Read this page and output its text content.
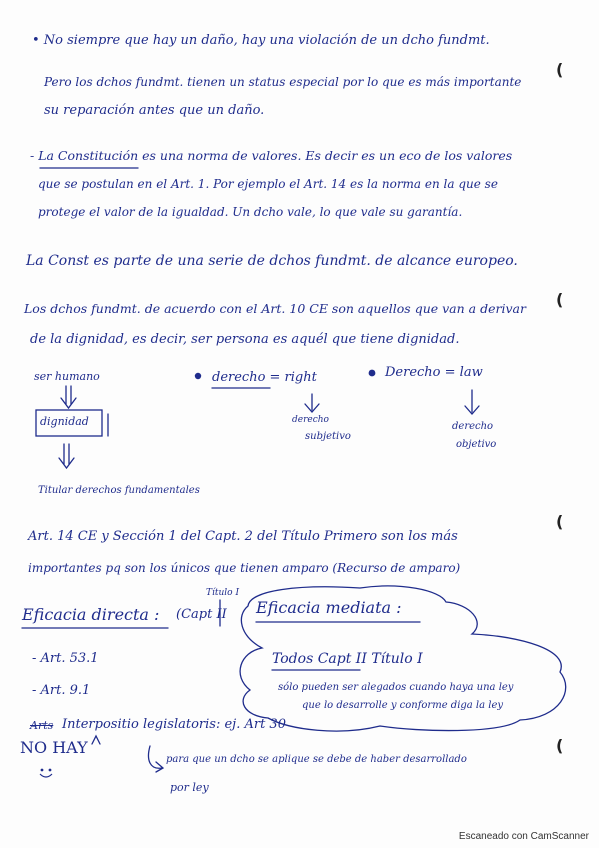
(
(
(
(
• No siempre que hay un daño, hay una violación de un dcho fundmt.
Pero los dchos fundmt. tienen un status especial por lo que es más importante
su reparación antes que un daño.
- La Constitución es una norma de valores. Es decir es un eco de los valores
que se postulan en el Art. 1. Por ejemplo el Art. 14 es la norma en la que se
protege el valor de la igualdad. Un dcho vale, lo que vale su garantía.
La Const es parte de una serie de dchos fundmt. de alcance europeo.
Los dchos fundmt. de acuerdo con el Art. 10 CE son aquellos que van a derivar
de la dignidad, es decir, ser persona es aquél que tiene dignidad.
ser humano
dignidad
Titular derechos fundamentales
derecho = right
derecho
subjetivo
Derecho = law
derecho
objetivo
Art. 14 CE y Sección 1 del Capt. 2 del Título Primero son los más
importantes pq son los únicos que tienen amparo (Recurso de amparo)
Eficacia directa :
Título I
(Capt II
- Art. 53.1
- Art. 9.1
Eficacia mediata :
Todos Capt II Título I
sólo pueden ser alegados cuando haya una ley
que lo desarrolle y conforme diga la ley
Arts Interpositio legislatoris: ej. Art 30
NO HAY
para que un dcho se aplique se debe de haber desarrollado
por ley
Escaneado con CamScanner
